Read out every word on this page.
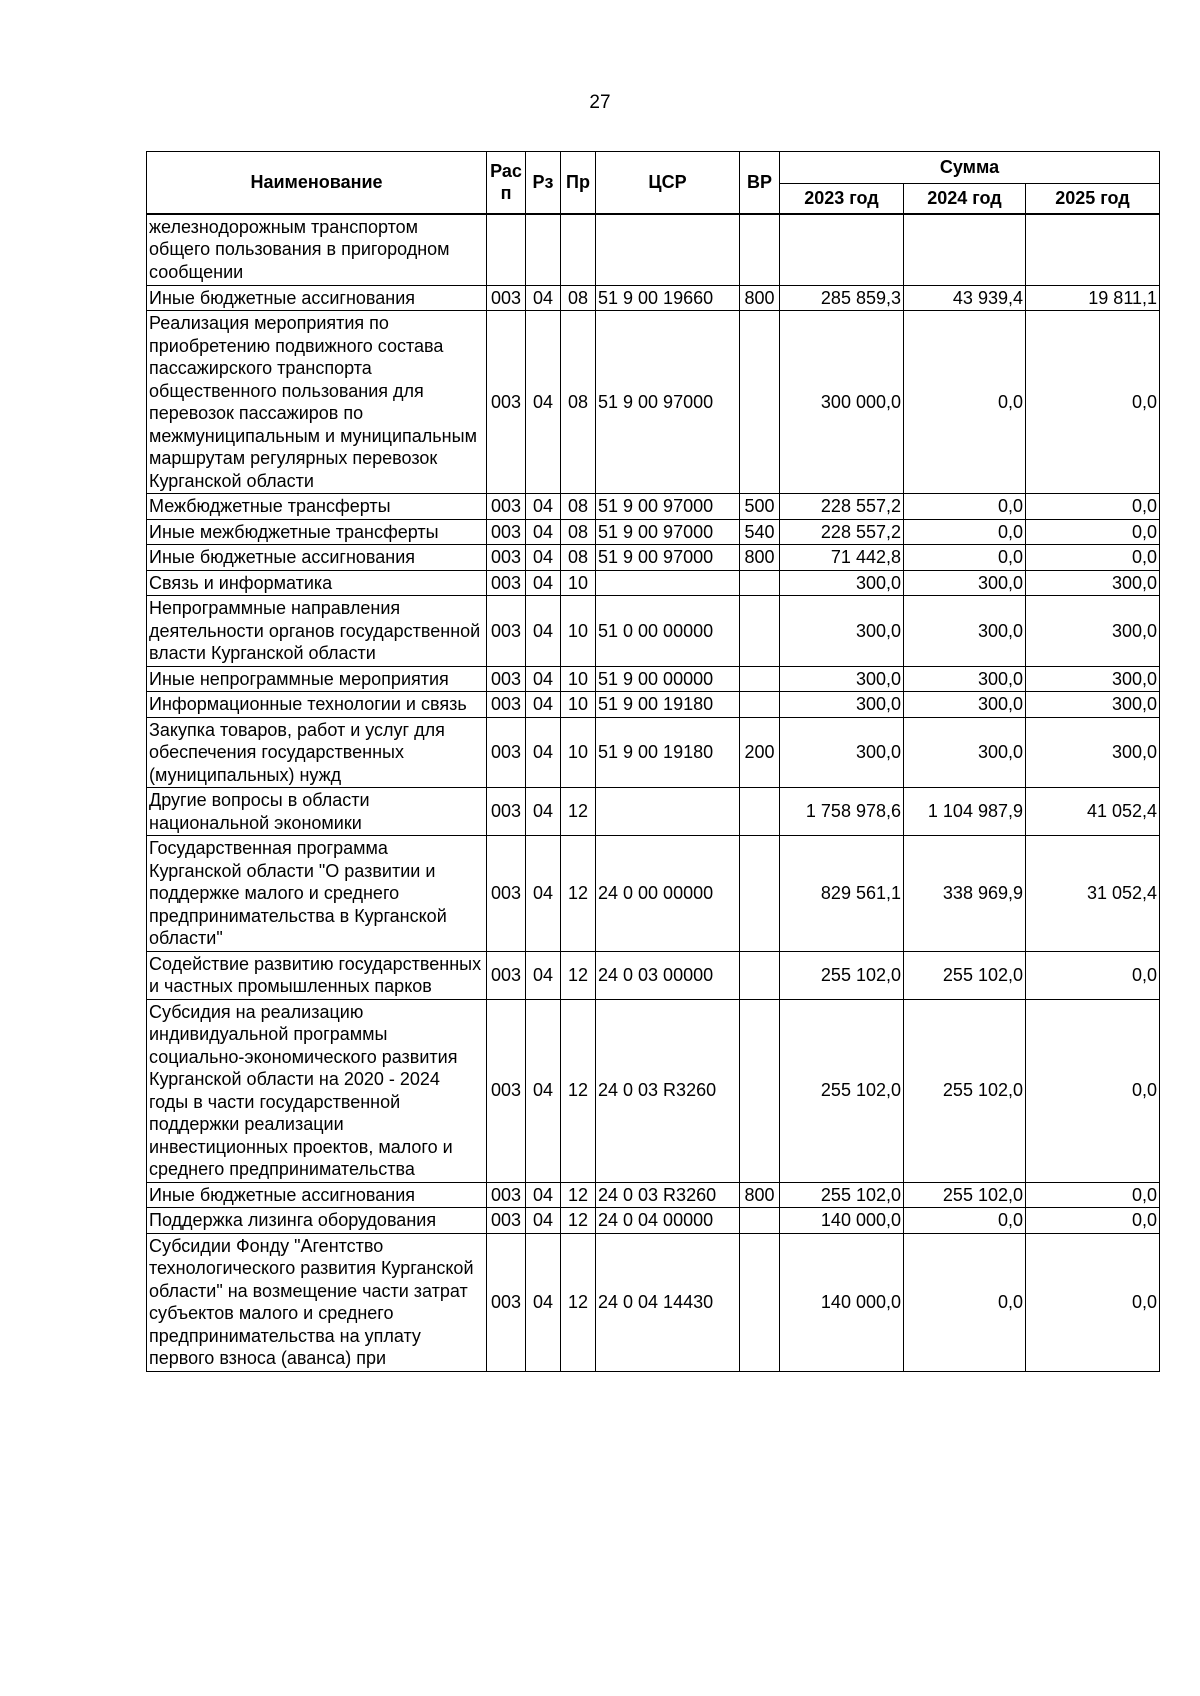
27
Наименование	Рас п	Рз	Пр	ЦСР	ВР	Сумма		
						2023 год	2024 год	2025 год
железнодорожным транспортом общего пользования в пригородном сообщении								
Иные бюджетные ассигнования	003	04	08	51 9 00 19660	800	285 859,3	43 939,4	19 811,1
Реализация мероприятия по приобретению подвижного состава пассажирского транспорта общественного пользования для перевозок пассажиров по межмуниципальным и муниципальным маршрутам регулярных перевозок Курганской области	003	04	08	51 9 00 97000		300 000,0	0,0	0,0
Межбюджетные трансферты	003	04	08	51 9 00 97000	500	228 557,2	0,0	0,0
Иные межбюджетные трансферты	003	04	08	51 9 00 97000	540	228 557,2	0,0	0,0
Иные бюджетные ассигнования	003	04	08	51 9 00 97000	800	71 442,8	0,0	0,0
Связь и информатика	003	04	10			300,0	300,0	300,0
Непрограммные направления деятельности органов государственной власти Курганской области	003	04	10	51 0 00 00000		300,0	300,0	300,0
Иные непрограммные мероприятия	003	04	10	51 9 00 00000		300,0	300,0	300,0
Информационные технологии и связь	003	04	10	51 9 00 19180		300,0	300,0	300,0
Закупка товаров, работ и услуг для обеспечения государственных (муниципальных) нужд	003	04	10	51 9 00 19180	200	300,0	300,0	300,0
Другие вопросы в области национальной экономики	003	04	12			1 758 978,6	1 104 987,9	41 052,4
Государственная программа Курганской области "О развитии и поддержке малого и среднего предпринимательства в Курганской области"	003	04	12	24 0 00 00000		829 561,1	338 969,9	31 052,4
Содействие развитию государственных и частных промышленных парков	003	04	12	24 0 03 00000		255 102,0	255 102,0	0,0
Субсидия на реализацию индивидуальной программы социально-экономического развития Курганской области на 2020 - 2024 годы в части государственной поддержки реализации инвестиционных проектов, малого и среднего предпринимательства	003	04	12	24 0 03 R3260		255 102,0	255 102,0	0,0
Иные бюджетные ассигнования	003	04	12	24 0 03 R3260	800	255 102,0	255 102,0	0,0
Поддержка лизинга оборудования	003	04	12	24 0 04 00000		140 000,0	0,0	0,0
Субсидии Фонду "Агентство технологического развития Курганской области" на возмещение части затрат субъектов малого и среднего предпринимательства на уплату первого взноса (аванса) при	003	04	12	24 0 04 14430		140 000,0	0,0	0,0
